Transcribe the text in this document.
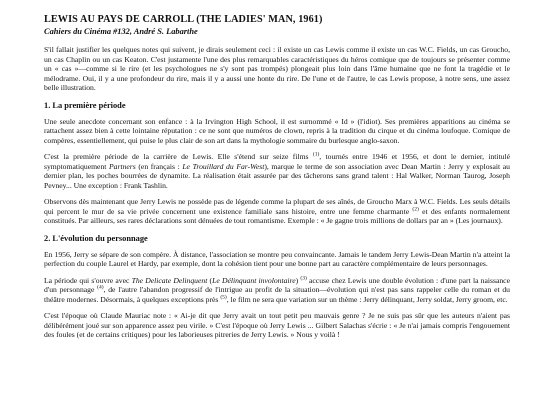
LEWIS AU PAYS DE CARROLL (THE LADIES' MAN, 1961)
Cahiers du Cinéma #132, André S. Labarthe

S'il fallait justifier les quelques notes qui suivent, je dirais seulement ceci : il existe un cas Lewis comme il existe un cas W.C. Fields, un cas Groucho, un cas Chaplin ou un cas Keaton. C'est justamente l'une des plus remarquables caractéristiques du héros comique que de toujours se présenter comme un « cas »—comme si le rire (et les psychologues ne s'y sont pas trompés) plongeait plus loin dans l'âme humaine que ne font la tragédie et le mélodrame. Oui, il y a une profondeur du rire, mais il y a aussi une honte du rire. De l'une et de l'autre, le cas Lewis propose, à notre sens, une assez belle illustration.

1. La première période

Une seule anecdote concernant son enfance : à la Irvington High School, il est surnommé « Id » (l'idiot). Ses premières apparitions au cinéma se rattachent assez bien à cette lointaine réputation : ce ne sont que numéros de clown, repris à la tradition du cirque et du cinéma loufoque. Comique de compères, essentiellement, qui puise le plus clair de son art dans la mythologie sommaire du burlesque anglo-saxon.

C'est la première période de la carrière de Lewis. Elle s'étend sur seize films $^{(1)}$, tournés entre 1946 et 1956, et dont le dernier, intitulé symptomatiquement Partners (en français : Le Trouillard du Far-West), marque le terme de son association avec Dean Martin : Jerry y explosait au dernier plan, les poches bourrées de dynamite. La réalisation était assurée par des tâcherons sans grand talent : Hal Walker, Norman Taurog, Joseph Pevney... Une exception : Frank Tashlin.

Observons dès maintenant que Jerry Lewis ne possède pas de légende comme la plupart de ses aînés, de Groucho Marx à W.C. Fields. Les seuls détails qui percent le mur de sa vie privée concernent une existence familiale sans histoire, entre une femme charmante $^{(2)}$ et des enfants normalement constitués. Par ailleurs, ses rares déclarations sont dénuées de tout romantisme. Exemple : « Je gagne trois millions de dollars par an » (Les journaux).

2. L'évolution du personnage

En 1956, Jerry se sépare de son compère. À distance, l'association se montre peu convaincante. Jamais le tandem Jerry Lewis-Dean Martin n'a atteint la perfection du couple Laurel et Hardy, par exemple, dont la cohésion tient pour une bonne part au caractère complémentaire de leurs personnages.

La période qui s'ouvre avec The Delicate Delinquent (Le Délinquant involontaire) $^{(3)}$ accuse chez Lewis une double évolution : d'une part la naissance d'un personnage $^{(4)}$, de l'autre l'abandon progressif de l'intrigue au profit de la situation—évolution qui n'est pas sans rappeler celle du roman et du théâtre modernes. Désormais, à quelques exceptions près $^{(5)}$, le film ne sera que variation sur un thème : Jerry délinquant, Jerry soldat, Jerry groom, etc.

C'est l'époque où Claude Mauriac note : « Ai-je dit que Jerry avait un tout petit peu mauvais genre ? Je ne suis pas sûr que les auteurs n'aient pas délibérément joué sur son apparence assez peu virile. » C'est l'époque où Jerry Lewis ... Gilbert Salachas s'écrie : « Je n'ai jamais compris l'engouement des foules (et de certains critiques) pour les laborieuses pitreries de Jerry Lewis. » Nous y voilà !
